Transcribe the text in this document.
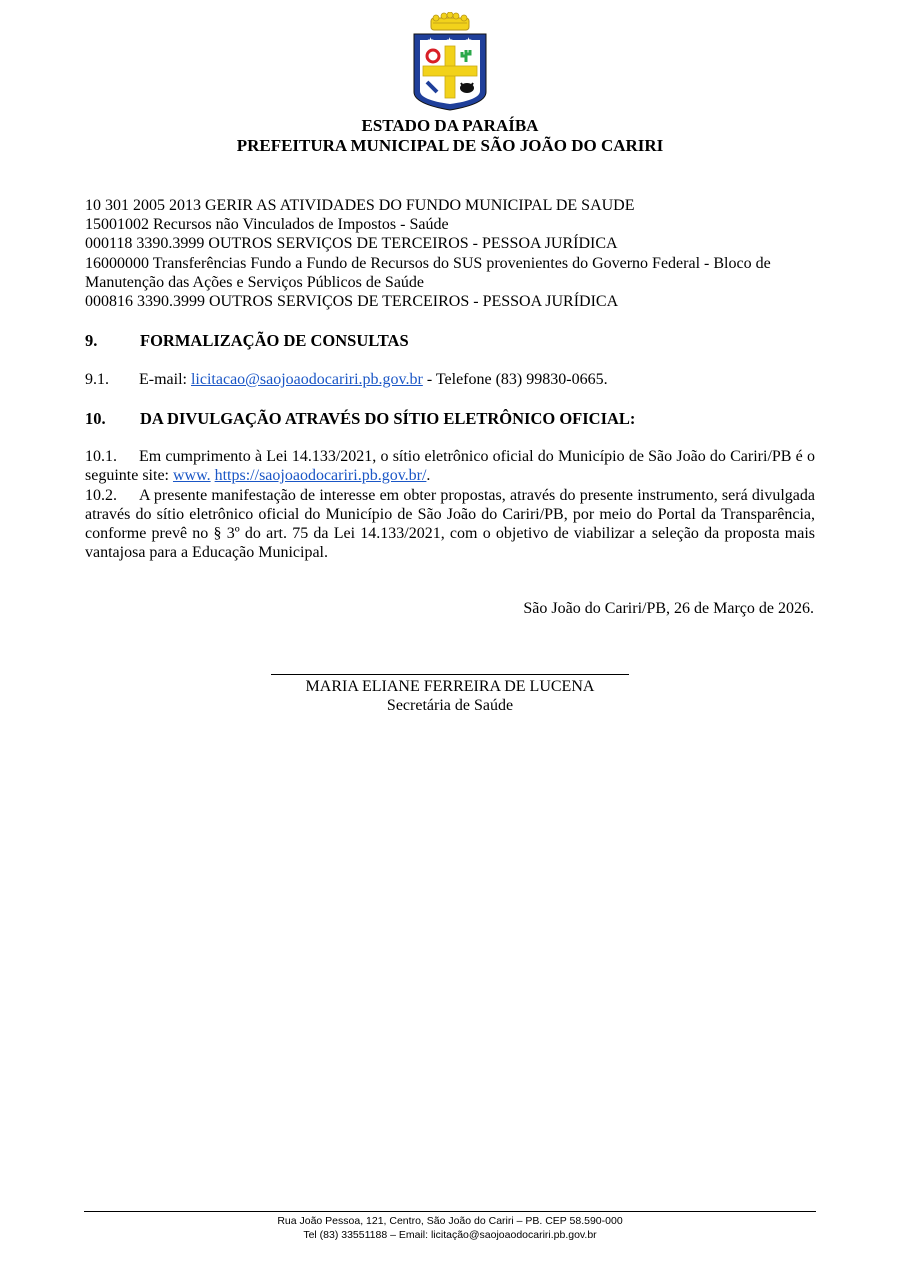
★ ★ ★
ESTADO DA PARAÍBA
PREFEITURA MUNICIPAL DE SÃO JOÃO DO CARIRI
10 301 2005 2013 GERIR AS ATIVIDADES DO FUNDO MUNICIPAL DE SAUDE
15001002 Recursos não Vinculados de Impostos - Saúde
000118 3390.3999 OUTROS SERVIÇOS DE TERCEIROS - PESSOA JURÍDICA
16000000 Transferências Fundo a Fundo de Recursos do SUS provenientes do Governo Federal - Bloco de Manutenção das Ações e Serviços Públicos de Saúde
000816 3390.3999 OUTROS SERVIÇOS DE TERCEIROS - PESSOA JURÍDICA
9.	FORMALIZAÇÃO DE CONSULTAS
9.1. E-mail: licitacao@saojoaodocariri.pb.gov.br - Telefone (83) 99830-0665.
10. DA DIVULGAÇÃO ATRAVÉS DO SÍTIO ELETRÔNICO OFICIAL:
10.1. Em cumprimento à Lei 14.133/2021, o sítio eletrônico oficial do Município de São João do Cariri/PB é o seguinte site: www. https://saojoaodocariri.pb.gov.br/.
10.2. A presente manifestação de interesse em obter propostas, através do presente instrumento, será divulgada através do sítio eletrônico oficial do Município de São João do Cariri/PB, por meio do Portal da Transparência, conforme prevê no § 3º do art. 75 da Lei 14.133/2021, com o objetivo de viabilizar a seleção da proposta mais vantajosa para a Educação Municipal.
São João do Cariri/PB, 26 de Março de 2026.
MARIA ELIANE FERREIRA DE LUCENA
Secretária de Saúde
Rua João Pessoa, 121, Centro, São João do Cariri – PB. CEP 58.590-000
Tel (83) 33551188 – Email: licitação@saojoaodocariri.pb.gov.br
